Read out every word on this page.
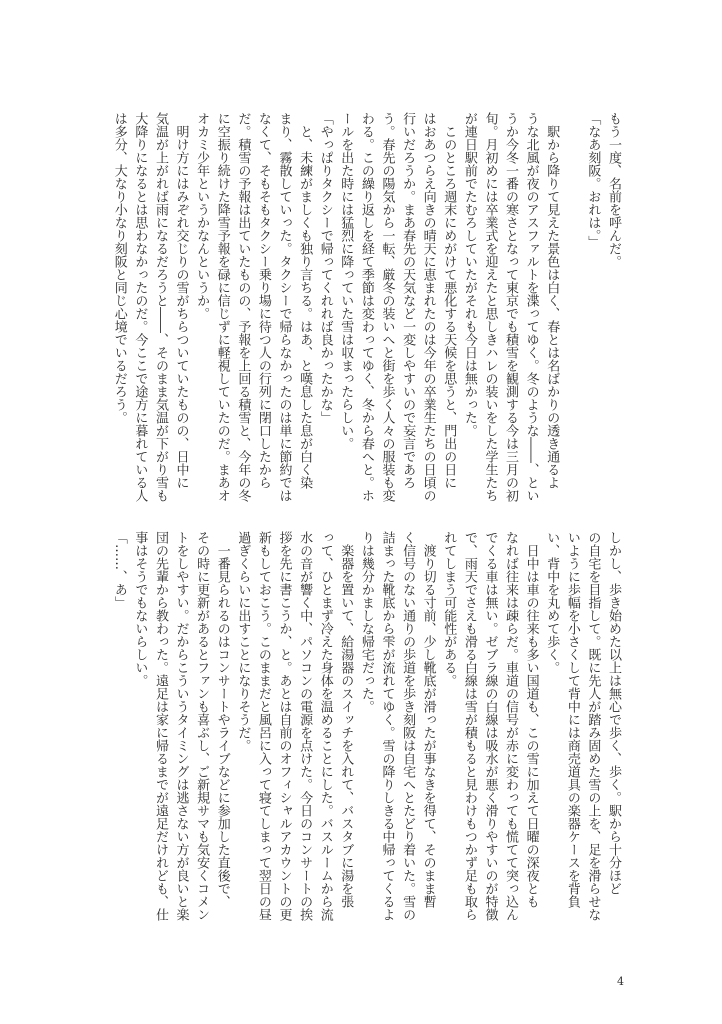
もう一度、名前を呼んだ。
「なあ刻阪。おれは。」
　駅から降りて見えた景色は白く、春とは名ばかりの透き通るよ
うな北風が夜のアスファルトを渫ってゆく。冬のような――、とい
うか今冬一番の寒さとなって東京でも積雪を観測する今は三月の初
旬。月初めには卒業式を迎えたと思しきハレの装いをした学生たち
が連日駅前でたむろしていたがそれも今日は無かった。
　このところ週末にめがけて悪化する天候を思うと、門出の日に
はおあつらえ向きの晴天に恵まれたのは今年の卒業生たちの日頃の
行いだろうか。まあ春先の天気など一変しやすいので妄言であろ
う。春先の陽気から一転、厳冬の装いへと街を歩く人々の服装も変
わる。この繰り返しを経て季節は変わってゆく、冬から春へと。ホ
ールを出た時には猛烈に降っていた雪は収まったらしい。
「やっぱりタクシーで帰ってくれれば良かったかな」
　と、未練がましくも独り言ちる。はあ、と嘆息した息が白く染
まり、霧散していった。タクシーで帰らなかったのは単に節約では
なくて、そもそもタクシー乗り場に待つ人の行列に閉口したから
だ。積雪の予報は出ていたものの、予報を上回る積雪と、今年の冬
に空振り続けた降雪予報を碌に信じずに軽視していたのだ。まあオ
オカミ少年というかなんというか。
　明け方にはみぞれ交じりの雪がちらついていたものの、日中に
気温が上がれば雨になるだろうと――、そのまま気温が下がり雪も
大降りになるとは思わなかったのだ。今ここで途方に暮れている人
は多分、大なり小なり刻阪と同じ心境でいるだろう。
しかし、歩き始めた以上は無心で歩く、歩く。駅から十分ほど
の自宅を目指して。既に先人が踏み固めた雪の上を、足を滑らせな
いように歩幅を小さくして背中には商売道具の楽器ケースを背負
い、背中を丸めて歩く。
　日中は車の往来も多い国道も、この雪に加えて日曜の深夜とも
なれば往来は疎らだ。車道の信号が赤に変わっても慌てて突っ込ん
でくる車は無い。ゼブラ線の白線は吸水が悪く滑りやすいのが特徴
で、雨天でさえも滑る白線は雪が積もると見わけもつかず足も取ら
れてしまう可能性がある。
　渡り切る寸前、少し靴底が滑ったが事なきを得て、そのまま暫
く信号のない通りの歩道を歩き刻阪は自宅へとたどり着いた。雪の
詰まった靴底から雫が流れてゆく。雪の降りしきる中帰ってくるよ
りは幾分かましな帰宅だった。
　楽器を置いて、給湯器のスイッチを入れて、バスタブに湯を張
って、ひとまず冷えた身体を温めることにした。バスルームから流
水の音が響く中、パソコンの電源を点けた。今日のコンサートの挨
拶を先に書こうか、と。あとは自前のオフィシャルアカウントの更
新もしておこう。このままだと風呂に入って寝てしまって翌日の昼
過ぎくらいに出すことになりそうだ。
　一番見られるのはコンサートやライブなどに参加した直後で、
その時に更新があるとファンも喜ぶし、ご新規サマも気安くコメン
トをしやすい。だからこういうタイミングは逃さない方が良いと楽
団の先輩から教わった。遠足は家に帰るまでが遠足だけれども、仕
事はそうでもないらしい。
「……、あ」
4
